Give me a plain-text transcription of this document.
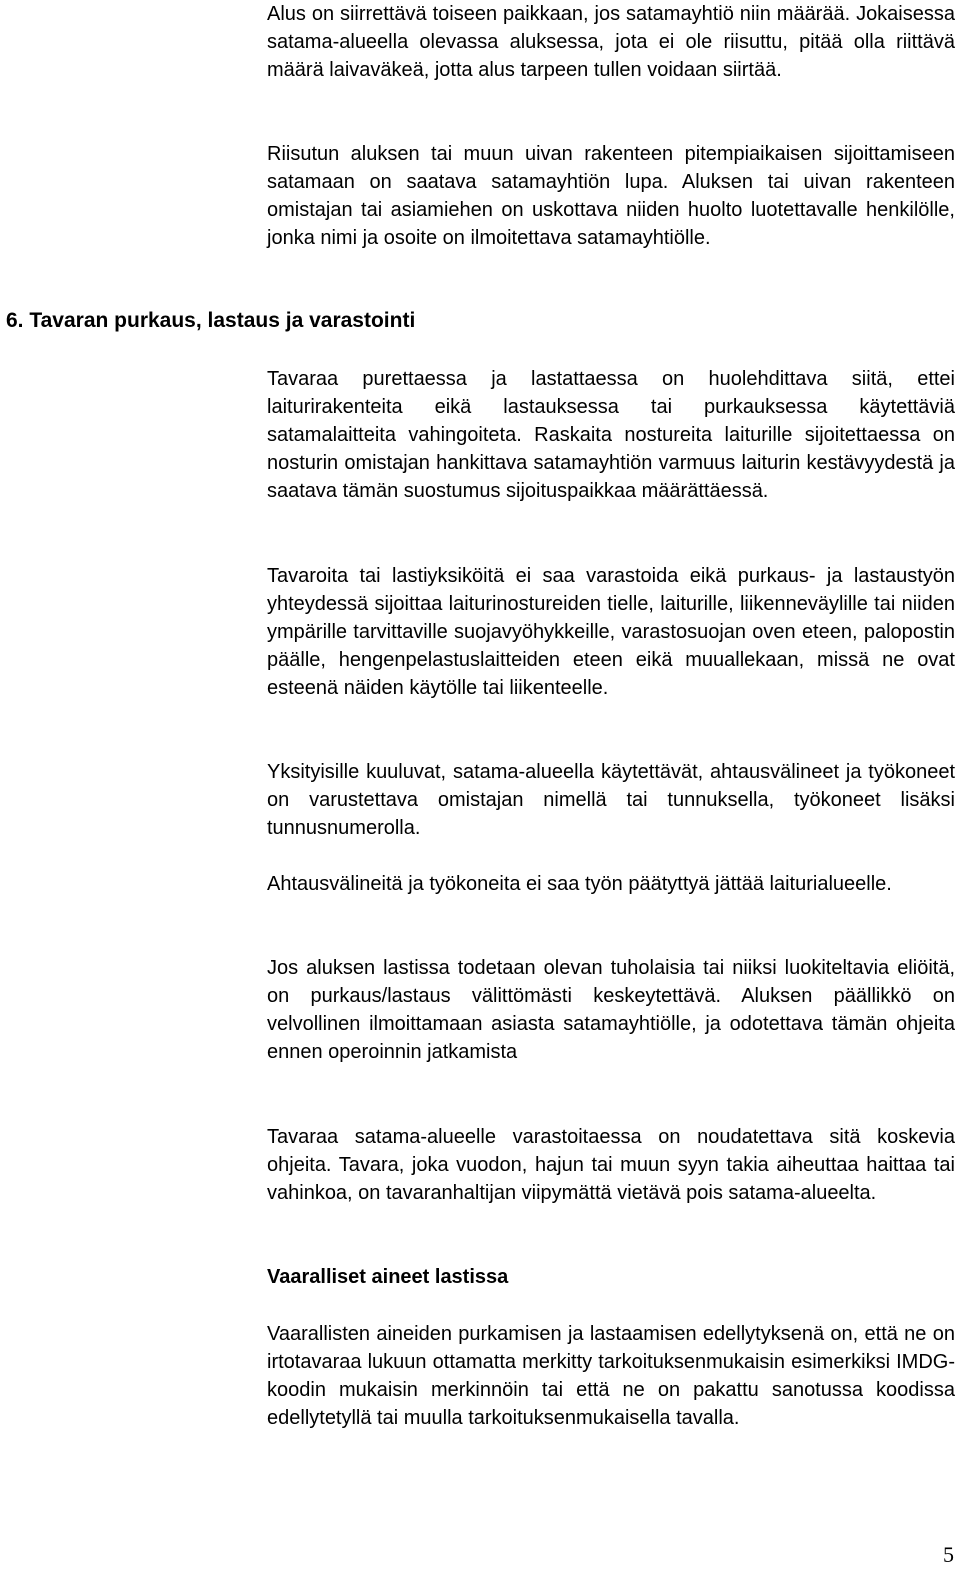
Alus on siirrettävä toiseen paikkaan, jos satamayhtiö niin määrää. Jokaisessa satama-alueella olevassa aluksessa, jota ei ole riisuttu, pitää olla riittävä määrä laivaväkeä, jotta alus tarpeen tullen voidaan siirtää.

Riisutun aluksen tai muun uivan rakenteen pitempiaikaisen sijoittamiseen satamaan on saatava satamayhtiön lupa. Aluksen tai uivan rakenteen omistajan tai asiamiehen on uskottava niiden huolto luotettavalle henkilölle, jonka nimi ja osoite on ilmoitettava satamayhtiölle.

6. Tavaran purkaus, lastaus ja varastointi

Tavaraa purettaessa ja lastattaessa on huolehdittava siitä, ettei laiturirakenteita eikä lastauksessa tai purkauksessa käytettäviä satamalaitteita vahingoiteta. Raskaita nostureita laiturille sijoitettaessa on nosturin omistajan hankittava satamayhtiön varmuus laiturin kestävyydestä ja saatava tämän suostumus sijoituspaikkaa määrättäessä.

Tavaroita tai lastiyksiköitä ei saa varastoida eikä purkaus- ja lastaustyön yhteydessä sijoittaa laiturinostureiden tielle, laiturille, liikenneväylille tai niiden ympärille tarvittaville suojavyöhykkeille, varastosuojan oven eteen, palopostin päälle, hengenpelastuslaitteiden eteen eikä muuallekaan, missä ne ovat esteenä näiden käytölle tai liikenteelle.

Yksityisille kuuluvat, satama-alueella käytettävät, ahtausvälineet ja työkoneet on varustettava omistajan nimellä tai tunnuksella, työkoneet lisäksi tunnusnumerolla.

Ahtausvälineitä ja työkoneita ei saa työn päätyttyä jättää laiturialueelle.

Jos aluksen lastissa todetaan olevan tuholaisia tai niiksi luokiteltavia eliöitä, on purkaus/lastaus välittömästi keskeytettävä. Aluksen päällikkö on velvollinen ilmoittamaan asiasta satamayhtiölle, ja odotettava tämän ohjeita ennen operoinnin jatkamista

Tavaraa satama-alueelle varastoitaessa on noudatettava sitä koskevia ohjeita. Tavara, joka vuodon, hajun tai muun syyn takia aiheuttaa haittaa tai vahinkoa, on tavaranhaltijan viipymättä vietävä pois satama-alueelta.

Vaaralliset aineet lastissa

Vaarallisten aineiden purkamisen ja lastaamisen edellytyksenä on, että ne on irtotavaraa lukuun ottamatta merkitty tarkoituksenmukaisin esimerkiksi IMDG-koodin mukaisin merkinnöin tai että ne on pakattu sanotussa koodissa edellytetyllä tai muulla tarkoituksenmukaisella tavalla.

5
